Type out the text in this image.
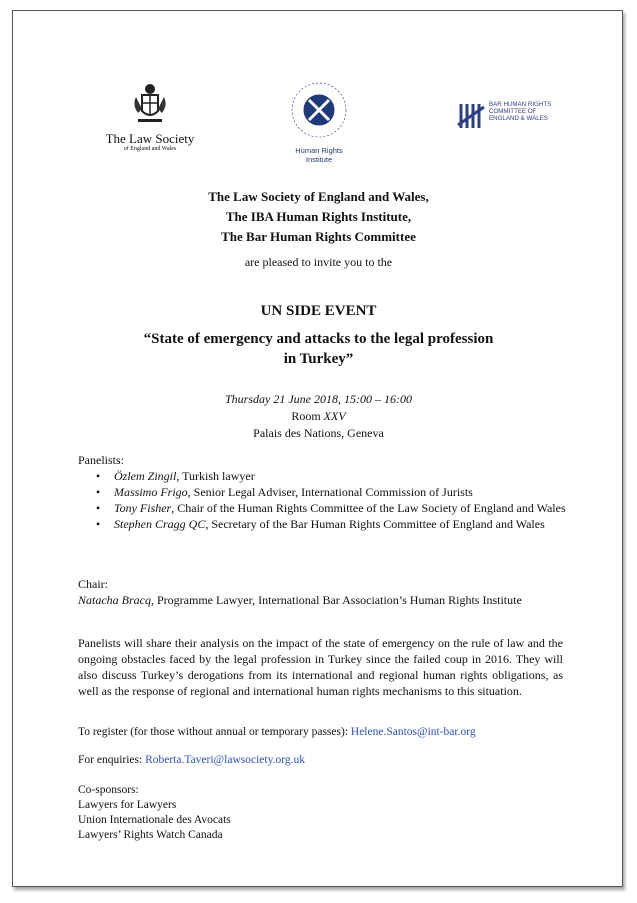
The Law Society
of England and Wales	Human Rights
Institute
BAR HUMAN RIGHTS
COMMITTEE OF
ENGLAND & WALES
The Law Society of England and Wales,
The IBA Human Rights Institute,
The Bar Human Rights Committee
are pleased to invite you to the
UN SIDE EVENT
“State of emergency and attacks to the legal profession
in Turkey”
Thursday 21 June 2018, 15:00 – 16:00
Room XXV
Palais des Nations, Geneva
Panelists:
• Özlem Zingil, Turkish lawyer
• Massimo Frigo, Senior Legal Adviser, International Commission of Jurists
• Tony Fisher, Chair of the Human Rights Committee of the Law Society of England and Wales
• Stephen Cragg QC, Secretary of the Bar Human Rights Committee of England and Wales
Chair:
Natacha Bracq, Programme Lawyer, International Bar Association’s Human Rights Institute
Panelists will share their analysis on the impact of the state of emergency on the rule of law and the ongoing obstacles faced by the legal profession in Turkey since the failed coup in 2016. They will also discuss Turkey’s derogations from its international and regional human rights obligations, as well as the response of regional and international human rights mechanisms to this situation.
To register (for those without annual or temporary passes): Helene.Santos@int-bar.org
For enquiries: Roberta.Taveri@lawsociety.org.uk
Co-sponsors:
Lawyers for Lawyers
Union Internationale des Avocats
Lawyers’ Rights Watch Canada
